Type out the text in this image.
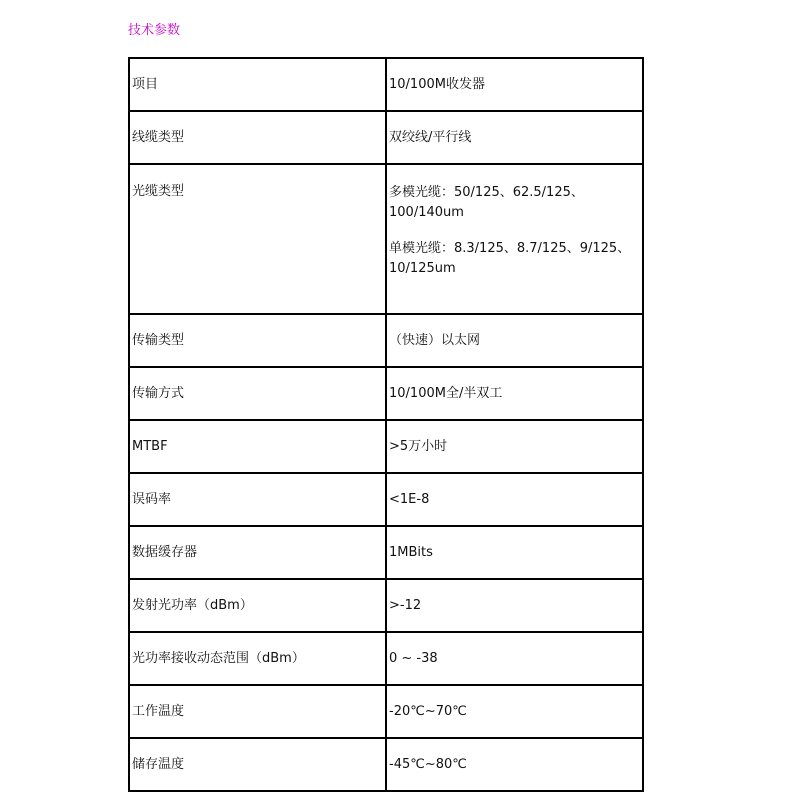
技术参数
项目	10/100M收发器
线缆类型	双绞线/平行线
光缆类型	多模光缆：50/125、62.5/125、100/140um
单模光缆：8.3/125、8.7/125、9/125、10/125um

传输类型	（快速）以太网
传输方式	10/100M全/半双工
MTBF	>5万小时
误码率	<1E-8
数据缓存器	1MBits
发射光功率（dBm）	>-12
光功率接收动态范围（dBm）	0 ~ -38
工作温度	-20℃~70℃
储存温度	-45℃~80℃
